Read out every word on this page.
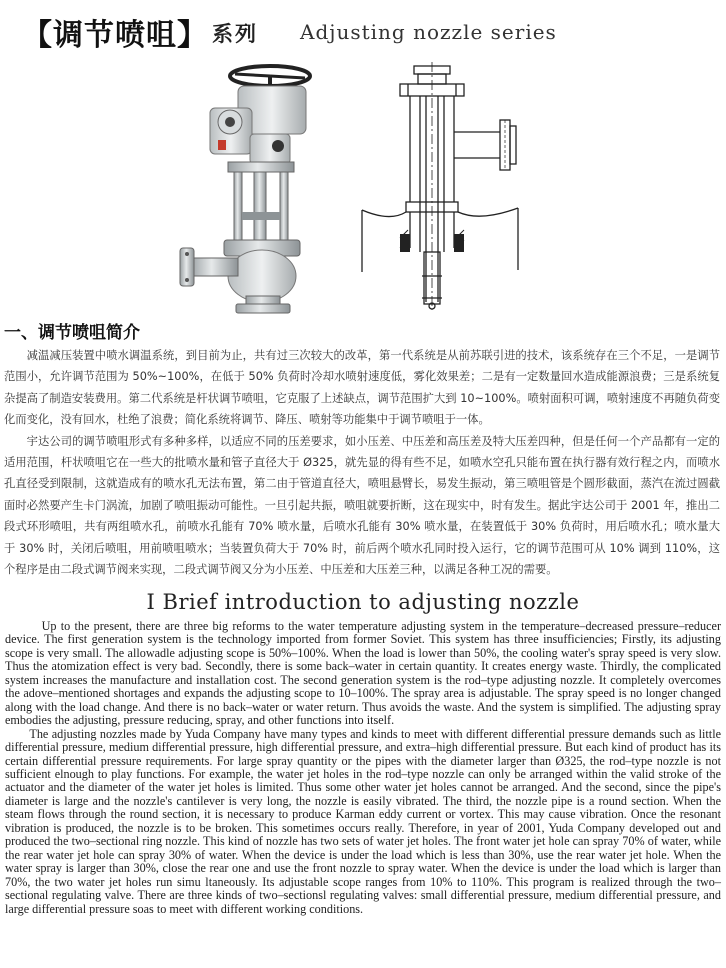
【调节喷咀】 系列 Adjusting nozzle series
一、调节喷咀简介

减温减压装置中喷水调温系统，到目前为止，共有过三次较大的改革，第一代系统是从前苏联引进的技术，该系统存在三个不足，一是调节范围小，允许调节范围为 50%~100%，在低于 50% 负荷时冷却水喷射速度低，雾化效果差；二是有一定数量回水造成能源浪费；三是系统复杂提高了制造安装费用。第二代系统是杆状调节喷咀，它克服了上述缺点，调节范围扩大到 10~100%。喷射面积可调，喷射速度不再随负荷变化而变化，没有回水，杜绝了浪费；简化系统将调节、降压、喷射等功能集中于调节喷咀于一体。

宇达公司的调节喷咀形式有多种多样，以适应不同的压差要求，如小压差、中压差和高压差及特大压差四种，但是任何一个产品都有一定的适用范围，杆状喷咀它在一些大的批喷水量和管子直径大于 Ø325，就先显的得有些不足，如喷水空孔只能布置在执行器有效行程之内，而喷水孔直径受到限制，这就造成有的喷水孔无法布置，第二由于管道直径大，喷咀悬臂长，易发生振动，第三喷咀管是个圆形截面，蒸汽在流过圆截面时必然要产生卡门涡流，加剧了喷咀振动可能性。一旦引起共振，喷咀就要折断，这在现实中，时有发生。据此宇达公司于 2001 年，推出二段式环形喷咀，共有两组喷水孔，前喷水孔能有 70% 喷水量，后喷水孔能有 30% 喷水量，在装置低于 30% 负荷时，用后喷水孔；喷水量大于 30% 时，关闭后喷咀，用前喷咀喷水；当装置负荷大于 70% 时，前后两个喷水孔同时投入运行，它的调节范围可从 10% 调到 110%，这个程序是由二段式调节阀来实现，二段式调节阀又分为小压差、中压差和大压差三种，以满足各种工况的需要。

I Brief introduction to adjusting nozzle

Up to the present, there are three big reforms to the water temperature adjusting system in the temperature–decreased pressure–reducer device. The first generation system is the technology imported from former Soviet. This system has three insufficiencies; Firstly, its adjusting scope is very small. The allowadle adjusting scope is 50%–100%. When the load is lower than 50%, the cooling water's spray speed is very slow. Thus the atomization effect is very bad. Secondly, there is some back–water in certain quantity. It creates energy waste. Thirdly, the complicated system increases the manufacture and installation cost. The second generation system is the rod–type adjusting nozzle. It completely overcomes the adove–mentioned shortages and expands the adjusting scope to 10–100%. The spray area is adjustable. The spray speed is no longer changed along with the load change. And there is no back–water or water return. Thus avoids the waste. And the system is simplified. The adjusting spray embodies the adjusting, pressure reducing, spray, and other functions into itself.

The adjusting nozzles made by Yuda Company have many types and kinds to meet with different differential pressure demands such as little differential pressure, medium differential pressure, high differential pressure, and extra–high differential pressure. But each kind of product has its certain differential pressure requirements. For large spray quantity or the pipes with the diameter larger than Ø325, the rod–type nozzle is not sufficient elnough to play functions. For example, the water jet holes in the rod–type nozzle can only be arranged within the valid stroke of the actuator and the diameter of the water jet holes is limited. Thus some other water jet holes cannot be arranged. And the second, since the pipe's diameter is large and the nozzle's cantilever is very long, the nozzle is easily vibrated. The third, the nozzle pipe is a round section. When the steam flows through the round section, it is necessary to produce Karman eddy current or vortex. This may cause vibration. Once the resonant vibration is produced, the nozzle is to be broken. This sometimes occurs really. Therefore, in year of 2001, Yuda Company developed out and produced the two–sectional ring nozzle. This kind of nozzle has two sets of water jet holes. The front water jet hole can spray 70% of water, while the rear water jet hole can spray 30% of water. When the device is under the load which is less than 30%, use the rear water jet hole. When the water spray is larger than 30%, close the rear one and use the front nozzle to spray water. When the device is under the load which is larger than 70%, the two water jet holes run simu ltaneously. Its adjustable scope ranges from 10% to 110%. This program is realized through the two–sectional regulating valve. There are three kinds of two–sectionsl regulating valves: small differential pressure, medium differential pressure, and large differential pressure soas to meet with different working conditions.
